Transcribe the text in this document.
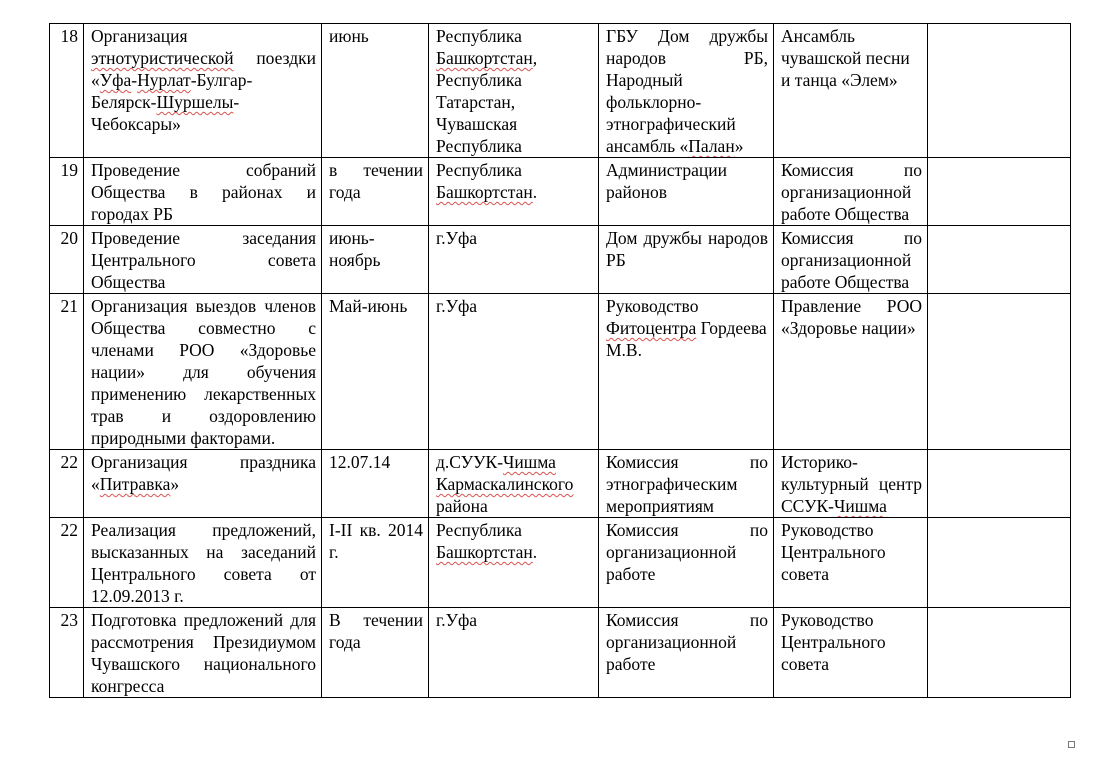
18	Организация этнотуристической поездки «Уфа-Нурлат-Булгар-Белярск-Шуршелы-Чебоксары»	июнь	Республика Башкортстан, Республика Татарстан, Чувашская Республика	ГБУ Дом дружбы народов РБ, Народный фольклорно-этнографический ансамбль «Палан»	Ансамбль чувашской песни и танца «Элем»	
19	Проведение собраний Общества в районах и городах РБ	в течении года	Республика Башкортстан.	Администрации районов	Комиссия по организационной работе Общества	
20	Проведение заседания Центрального совета Общества	июнь-ноябрь	г.Уфа	Дом дружбы народов РБ	Комиссия по организационной работе Общества	
21	Организация выездов членов Общества совместно с членами РОО «Здоровье нации» для обучения применению лекарственных трав и оздоровлению природными факторами.	Май-июнь	г.Уфа	Руководство Фитоцентра Гордеева М.В.	Правление РОО «Здоровье нации»	
22	Организация праздника «Питравка»	12.07.14	д.СУУК-Чишма Кармаскалинского района	Комиссия по этнографическим мероприятиям	Историко-культурный центр ССУК-Чишма	
22	Реализация предложений, высказанных на заседаний Центрального совета от 12.09.2013 г.	I-II кв. 2014 г.	Республика Башкортстан.	Комиссия по организационной работе	Руководство Центрального совета	
23	Подготовка предложений для рассмотрения Президиумом Чувашского национального конгресса	В течении года	г.Уфа	Комиссия по организационной работе	Руководство Центрального совета	
